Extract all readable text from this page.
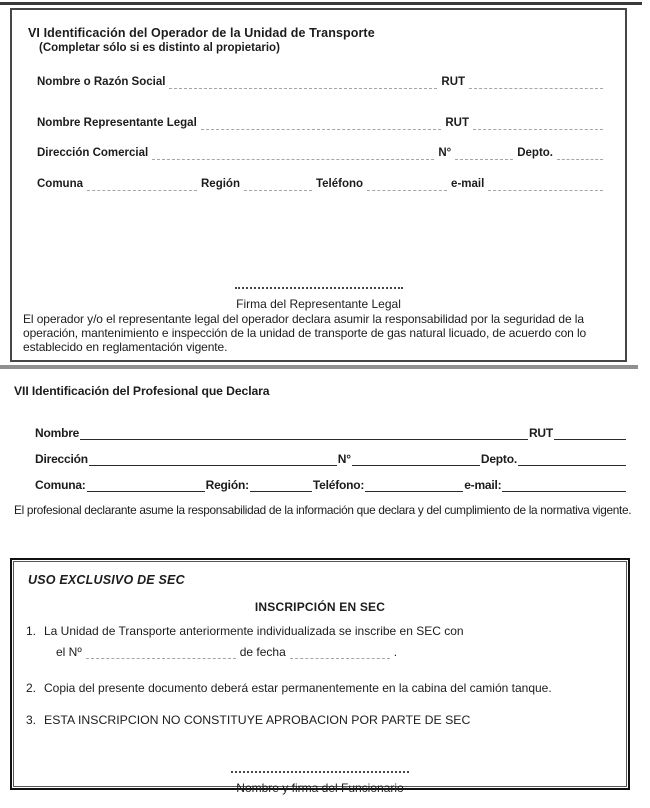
VI Identificación del Operador de la Unidad de Transporte
(Completar sólo si es distinto al propietario)
Nombre o Razón Social	RUT
Nombre Representante Legal	RUT
Dirección Comercial	N°	Depto.
Comuna	Región	Teléfono	e-mail
Firma del Representante Legal
El operador y/o el representante legal del operador declara asumir la responsabilidad por la seguridad de la operación, mantenimiento e inspección de la unidad de transporte de gas natural licuado, de acuerdo con lo establecido en reglamentación vigente.
VII Identificación del Profesional que Declara
Nombre	RUT
Dirección	N°	Depto.
Comuna:	Región:	Teléfono:	e-mail:
El profesional declarante asume la responsabilidad de la información que declara y del cumplimiento de la normativa vigente.
USO EXCLUSIVO DE SEC
INSCRIPCIÓN EN SEC
1. La Unidad de Transporte anteriormente individualizada se inscribe en SEC con
el Nº	de fecha	.
2. Copia del presente documento deberá estar permanentemente en la cabina del camión tanque.
3. ESTA INSCRIPCION NO CONSTITUYE APROBACION POR PARTE DE SEC
Nombre y firma del Funcionario
